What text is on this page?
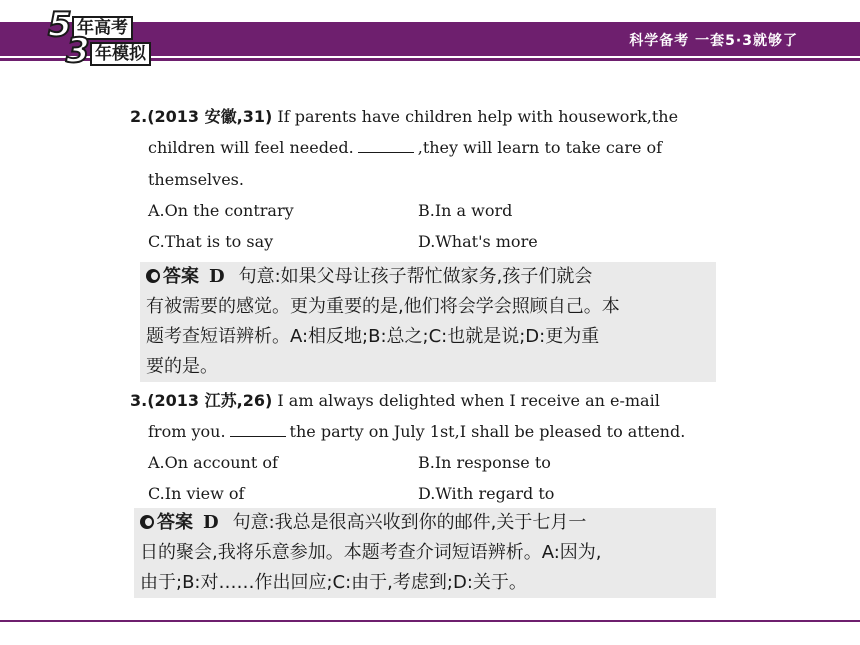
科学备考 一套5·3就够了
5 年高考
3 年模拟
2.(2013 安徽,31) If parents have children help with housework,the
children will feel needed.	,they will learn to take care of
themselves.
A.On the contrary	B.In a word
C.That is to say	D.What's more
答案 D 句意:如果父母让孩子帮忙做家务,孩子们就会
有被需要的感觉。更为重要的是,他们将会学会照顾自己。本
题考查短语辨析。A:相反地;B:总之;C:也就是说;D:更为重
要的是。
3.(2013 江苏,26) I am always delighted when I receive an e-mail
from you.	the party on July 1st,I shall be pleased to attend.
A.On account of	B.In response to
C.In view of	D.With regard to
答案 D 句意:我总是很高兴收到你的邮件,关于七月一
日的聚会,我将乐意参加。本题考查介词短语辨析。A:因为,
由于;B:对……作出回应;C:由于,考虑到;D:关于。
